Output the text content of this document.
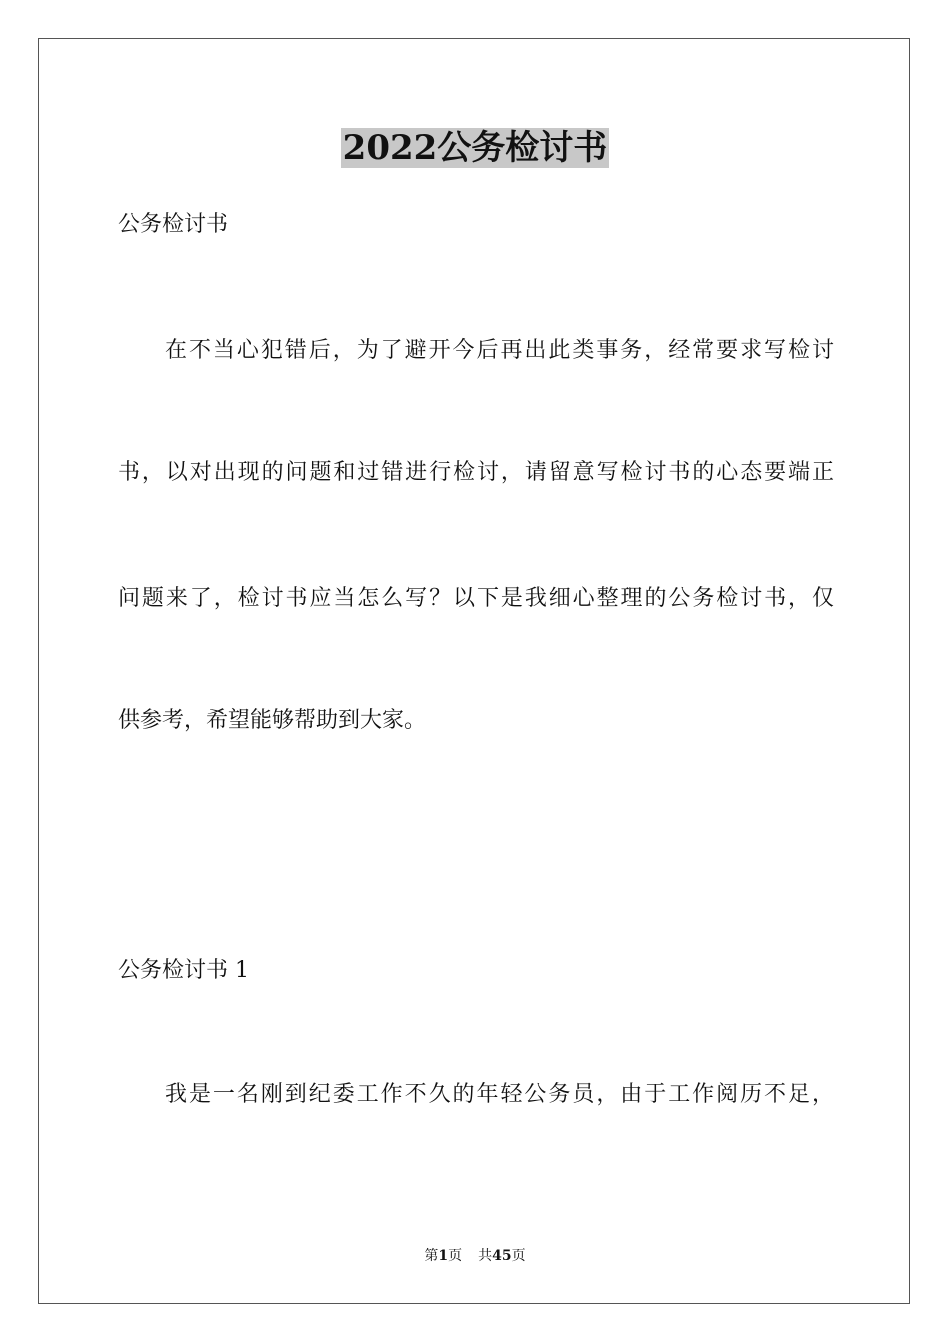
2022公务检讨书

公务检讨书

在不当心犯错后，为了避开今后再出此类事务，经常要求写检讨

书，以对出现的问题和过错进行检讨，请留意写检讨书的心态要端正

问题来了，检讨书应当怎么写？以下是我细心整理的公务检讨书，仅

供参考，希望能够帮助到大家。

公务检讨书 1

我是一名刚到纪委工作不久的年轻公务员，由于工作阅历不足，

第1页 共45页
